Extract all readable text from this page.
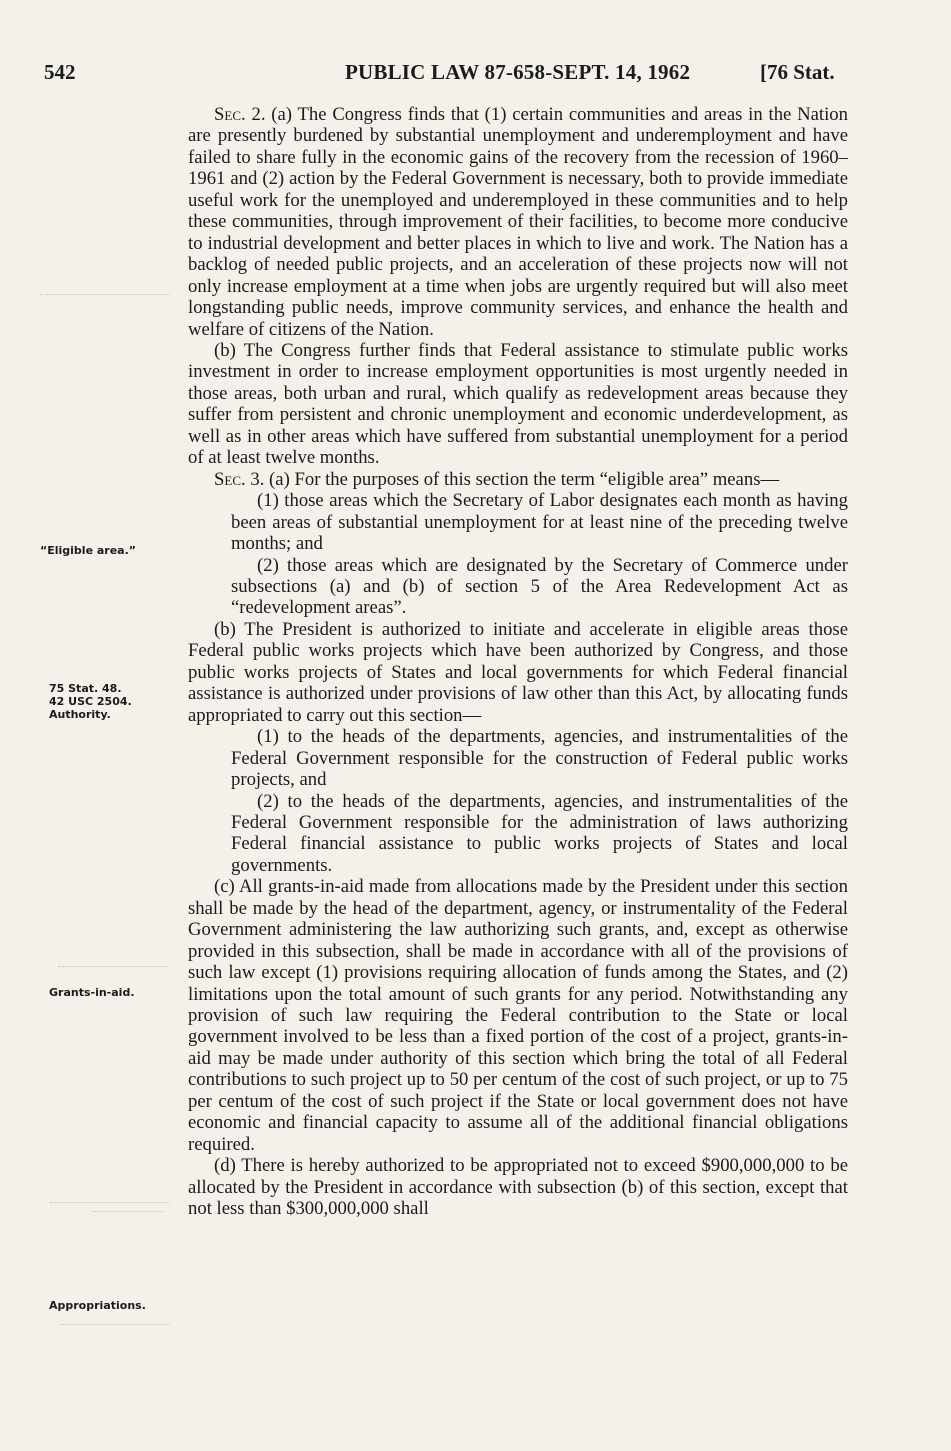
542	PUBLIC LAW 87-658-SEPT. 14, 1962	[76 Stat.
“Eligible area.”
75 Stat. 48.
42 USC 2504.
Authority.
Grants-in-aid.
Appropriations.

Sec. 2. (a) The Congress finds that (1) certain communities and areas in the Nation are presently burdened by substantial unemployment and underemployment and have failed to share fully in the economic gains of the recovery from the recession of 1960–1961 and (2) action by the Federal Government is necessary, both to provide immediate useful work for the unemployed and underemployed in these communities and to help these communities, through improvement of their facilities, to become more conducive to industrial development and better places in which to live and work. The Nation has a backlog of needed public projects, and an acceleration of these projects now will not only increase employment at a time when jobs are urgently required but will also meet longstanding public needs, improve community services, and enhance the health and welfare of citizens of the Nation.

(b) The Congress further finds that Federal assistance to stimulate public works investment in order to increase employment opportunities is most urgently needed in those areas, both urban and rural, which qualify as redevelopment areas because they suffer from persistent and chronic unemployment and economic underdevelopment, as well as in other areas which have suffered from substantial unemployment for a period of at least twelve months.

Sec. 3. (a) For the purposes of this section the term “eligible area” means—

(1) those areas which the Secretary of Labor designates each month as having been areas of substantial unemployment for at least nine of the preceding twelve months; and

(2) those areas which are designated by the Secretary of Commerce under subsections (a) and (b) of section 5 of the Area Redevelopment Act as “redevelopment areas”.

(b) The President is authorized to initiate and accelerate in eligible areas those Federal public works projects which have been authorized by Congress, and those public works projects of States and local governments for which Federal financial assistance is authorized under provisions of law other than this Act, by allocating funds appropriated to carry out this section—

(1) to the heads of the departments, agencies, and instrumentalities of the Federal Government responsible for the construction of Federal public works projects, and

(2) to the heads of the departments, agencies, and instrumentalities of the Federal Government responsible for the administration of laws authorizing Federal financial assistance to public works projects of States and local governments.

(c) All grants-in-aid made from allocations made by the President under this section shall be made by the head of the department, agency, or instrumentality of the Federal Government administering the law authorizing such grants, and, except as otherwise provided in this subsection, shall be made in accordance with all of the provisions of such law except (1) provisions requiring allocation of funds among the States, and (2) limitations upon the total amount of such grants for any period. Notwithstanding any provision of such law requiring the Federal contribution to the State or local government involved to be less than a fixed portion of the cost of a project, grants-in-aid may be made under authority of this section which bring the total of all Federal contributions to such project up to 50 per centum of the cost of such project, or up to 75 per centum of the cost of such project if the State or local government does not have economic and financial capacity to assume all of the additional financial obligations required.

(d) There is hereby authorized to be appropriated not to exceed $900,000,000 to be allocated by the President in accordance with subsection (b) of this section, except that not less than $300,000,000 shall
